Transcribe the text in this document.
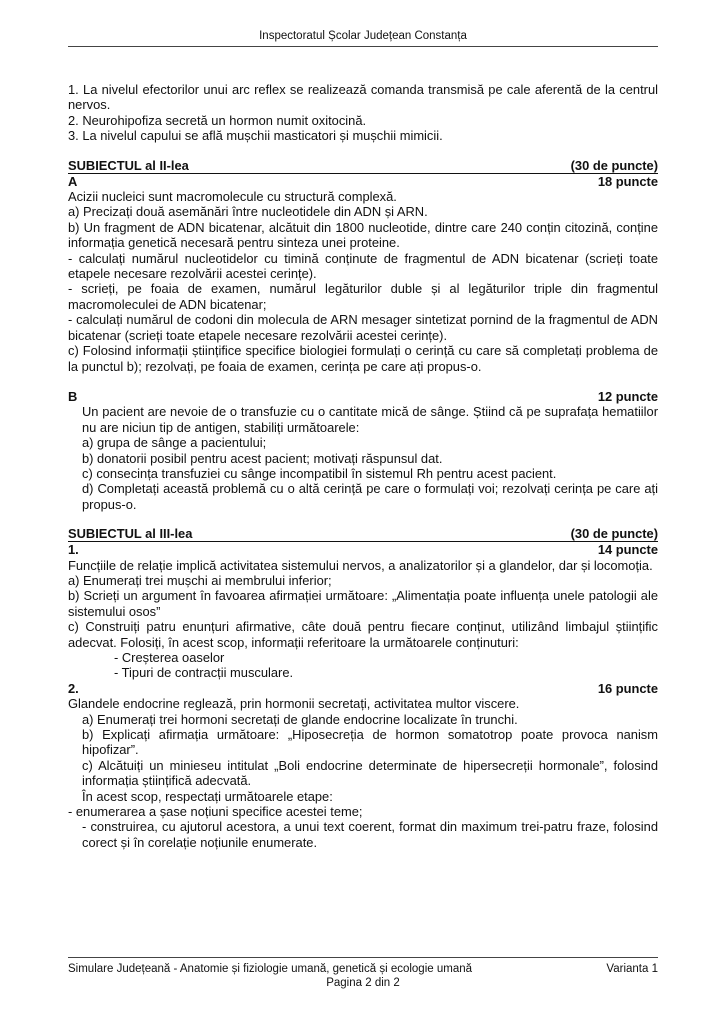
Inspectoratul Școlar Județean Constanța

1. La nivelul efectorilor unui arc reflex se realizează comanda transmisă pe cale aferentă de la centrul nervos.

2. Neurohipofiza secretă un hormon numit oxitocină.

3. La nivelul capului se află mușchii masticatori și mușchii mimicii.

SUBIECTUL al II-lea	(30 de puncte)
A	18 puncte

Acizii nucleici sunt macromolecule cu structură complexă.

a) Precizați două asemănări între nucleotidele din ADN și ARN.

b) Un fragment de ADN bicatenar, alcătuit din 1800 nucleotide, dintre care 240 conțin citozină, conține informația genetică necesară pentru sinteza unei proteine.

- calculați numărul nucleotidelor cu timină conținute de fragmentul de ADN bicatenar (scrieți toate etapele necesare rezolvării acestei cerințe).

- scrieți, pe foaia de examen, numărul legăturilor duble și al legăturilor triple din fragmentul macromoleculei de ADN bicatenar;

- calculați numărul de codoni din molecula de ARN mesager sintetizat pornind de la fragmentul de ADN bicatenar (scrieți toate etapele necesare rezolvării acestei cerințe).

c) Folosind informații științifice specifice biologiei formulați o cerință cu care să completați problema de la punctul b); rezolvați, pe foaia de examen, cerința pe care ați propus-o.

B	12 puncte

Un pacient are nevoie de o transfuzie cu o cantitate mică de sânge. Știind că pe suprafața hematiilor nu are niciun tip de antigen, stabiliți următoarele:

a) grupa de sânge a pacientului;

b) donatorii posibil pentru acest pacient; motivați răspunsul dat.

c) consecința transfuziei cu sânge incompatibil în sistemul Rh pentru acest pacient.

d) Completați această problemă cu o altă cerință pe care o formulați voi; rezolvați cerința pe care ați propus-o.

SUBIECTUL al III-lea	(30 de puncte)
1.	14 puncte

Funcțiile de relație implică activitatea sistemului nervos, a analizatorilor și a glandelor, dar și locomoția.

a) Enumerați trei mușchi ai membrului inferior;

b) Scrieți un argument în favoarea afirmației următoare: „Alimentația poate influența unele patologii ale sistemului osos”

c) Construiți patru enunțuri afirmative, câte două pentru fiecare conținut, utilizând limbajul științific adecvat. Folosiți, în acest scop, informații referitoare la următoarele conținuturi:

- Creșterea oaselor

- Tipuri de contracții musculare.

2.	16 puncte

Glandele endocrine reglează, prin hormonii secretați, activitatea multor viscere.

a) Enumerați trei hormoni secretați de glande endocrine localizate în trunchi.

b) Explicați afirmația următoare: „Hiposecreția de hormon somatotrop poate provoca nanism hipofizar”.

c) Alcătuiți un minieseu intitulat „Boli endocrine determinate de hipersecreții hormonale”, folosind informația științifică adecvată.

În acest scop, respectați următoarele etape:

- enumerarea a șase noțiuni specifice acestei teme;

- construirea, cu ajutorul acestora, a unui text coerent, format din maximum trei-patru fraze, folosind corect și în corelație noțiunile enumerate.

Simulare Județeană - Anatomie și fiziologie umană, genetică și ecologie umană	Varianta 1
Pagina 2 din 2
